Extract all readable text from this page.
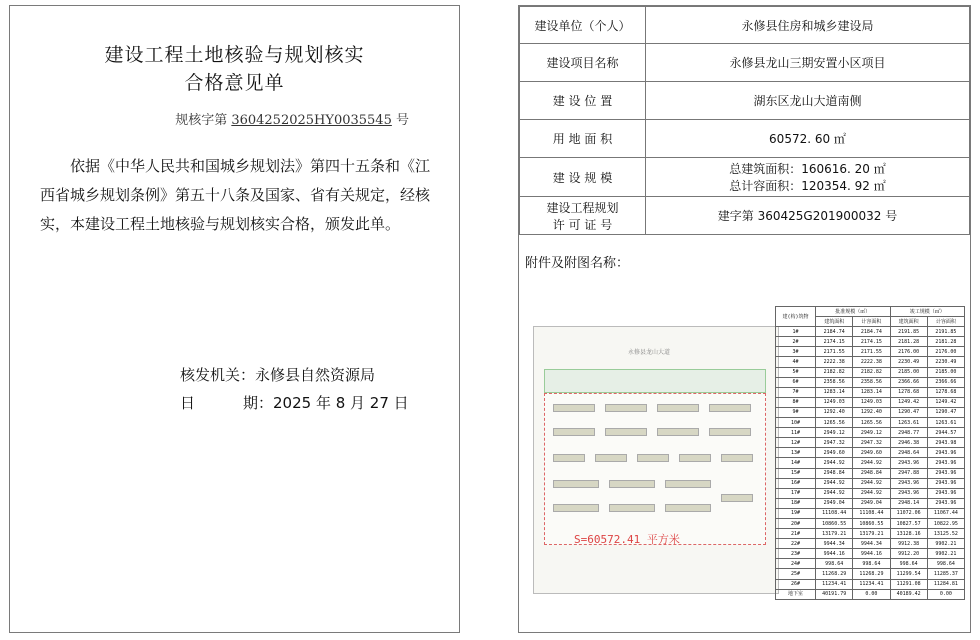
建设工程土地核验与规划核实
合格意见单
规核字第 3604252025HY0035545 号
依据《中华人民共和国城乡规划法》第四十五条和《江西省城乡规划条例》第五十八条及国家、省有关规定，经核实，本建设工程土地核验与规划核实合格，颁发此单。
核发机关：永修县自然资源局
日	期：2025 年 8 月 27 日
建设单位（个人）	永修县住房和城乡建设局
建设项目名称	永修县龙山三期安置小区项目
建 设 位 置	湖东区龙山大道南侧
用 地 面 积	60572. 60 ㎡
建 设 规 模	总建筑面积：160616. 20 ㎡
总计容面积：120354. 92 ㎡

建设工程规划
许 可 证 号	建字第 360425G201900032 号
附件及附图名称：
永修县龙山大道
S=60572.41 平方米
建(构)筑物	批准规模（㎡）		竣工规模（㎡）	
	建筑面积	计容面积	建筑面积	计容面积
1#	2184.74	2184.74	2191.85	2191.85
2#	2174.15	2174.15	2181.28	2181.28
3#	2171.55	2171.55	2176.00	2176.00
4#	2222.38	2222.38	2230.49	2230.49
5#	2182.82	2182.82	2185.00	2185.00
6#	2358.56	2358.56	2366.66	2366.66
7#	1283.14	1283.14	1278.68	1278.68
8#	1249.03	1249.03	1249.42	1249.42
9#	1292.40	1292.40	1290.47	1290.47
10#	1265.56	1265.56	1263.61	1263.61
11#	2949.12	2949.12	2948.77	2944.57
12#	2947.32	2947.32	2946.38	2943.98
13#	2949.60	2949.60	2948.64	2943.96
14#	2944.92	2944.92	2943.96	2943.96
15#	2948.84	2948.84	2947.88	2943.96
16#	2944.92	2944.92	2943.96	2943.96
17#	2944.92	2944.92	2943.96	2943.96
18#	2949.04	2949.04	2948.14	2943.96
19#	11108.44	11108.44	11072.06	11067.44
20#	10860.55	10860.55	10827.57	10822.95
21#	13179.21	13179.21	13128.16	13125.52
22#	9944.34	9944.34	9912.38	9902.21
23#	9944.16	9944.16	9912.20	9902.21
24#	998.64	998.64	998.64	998.64
25#	11268.29	11268.29	11299.54	11285.37
26#	11234.41	11234.41	11291.08	11284.81
地下室	40191.79	0.00	40189.42	0.00
